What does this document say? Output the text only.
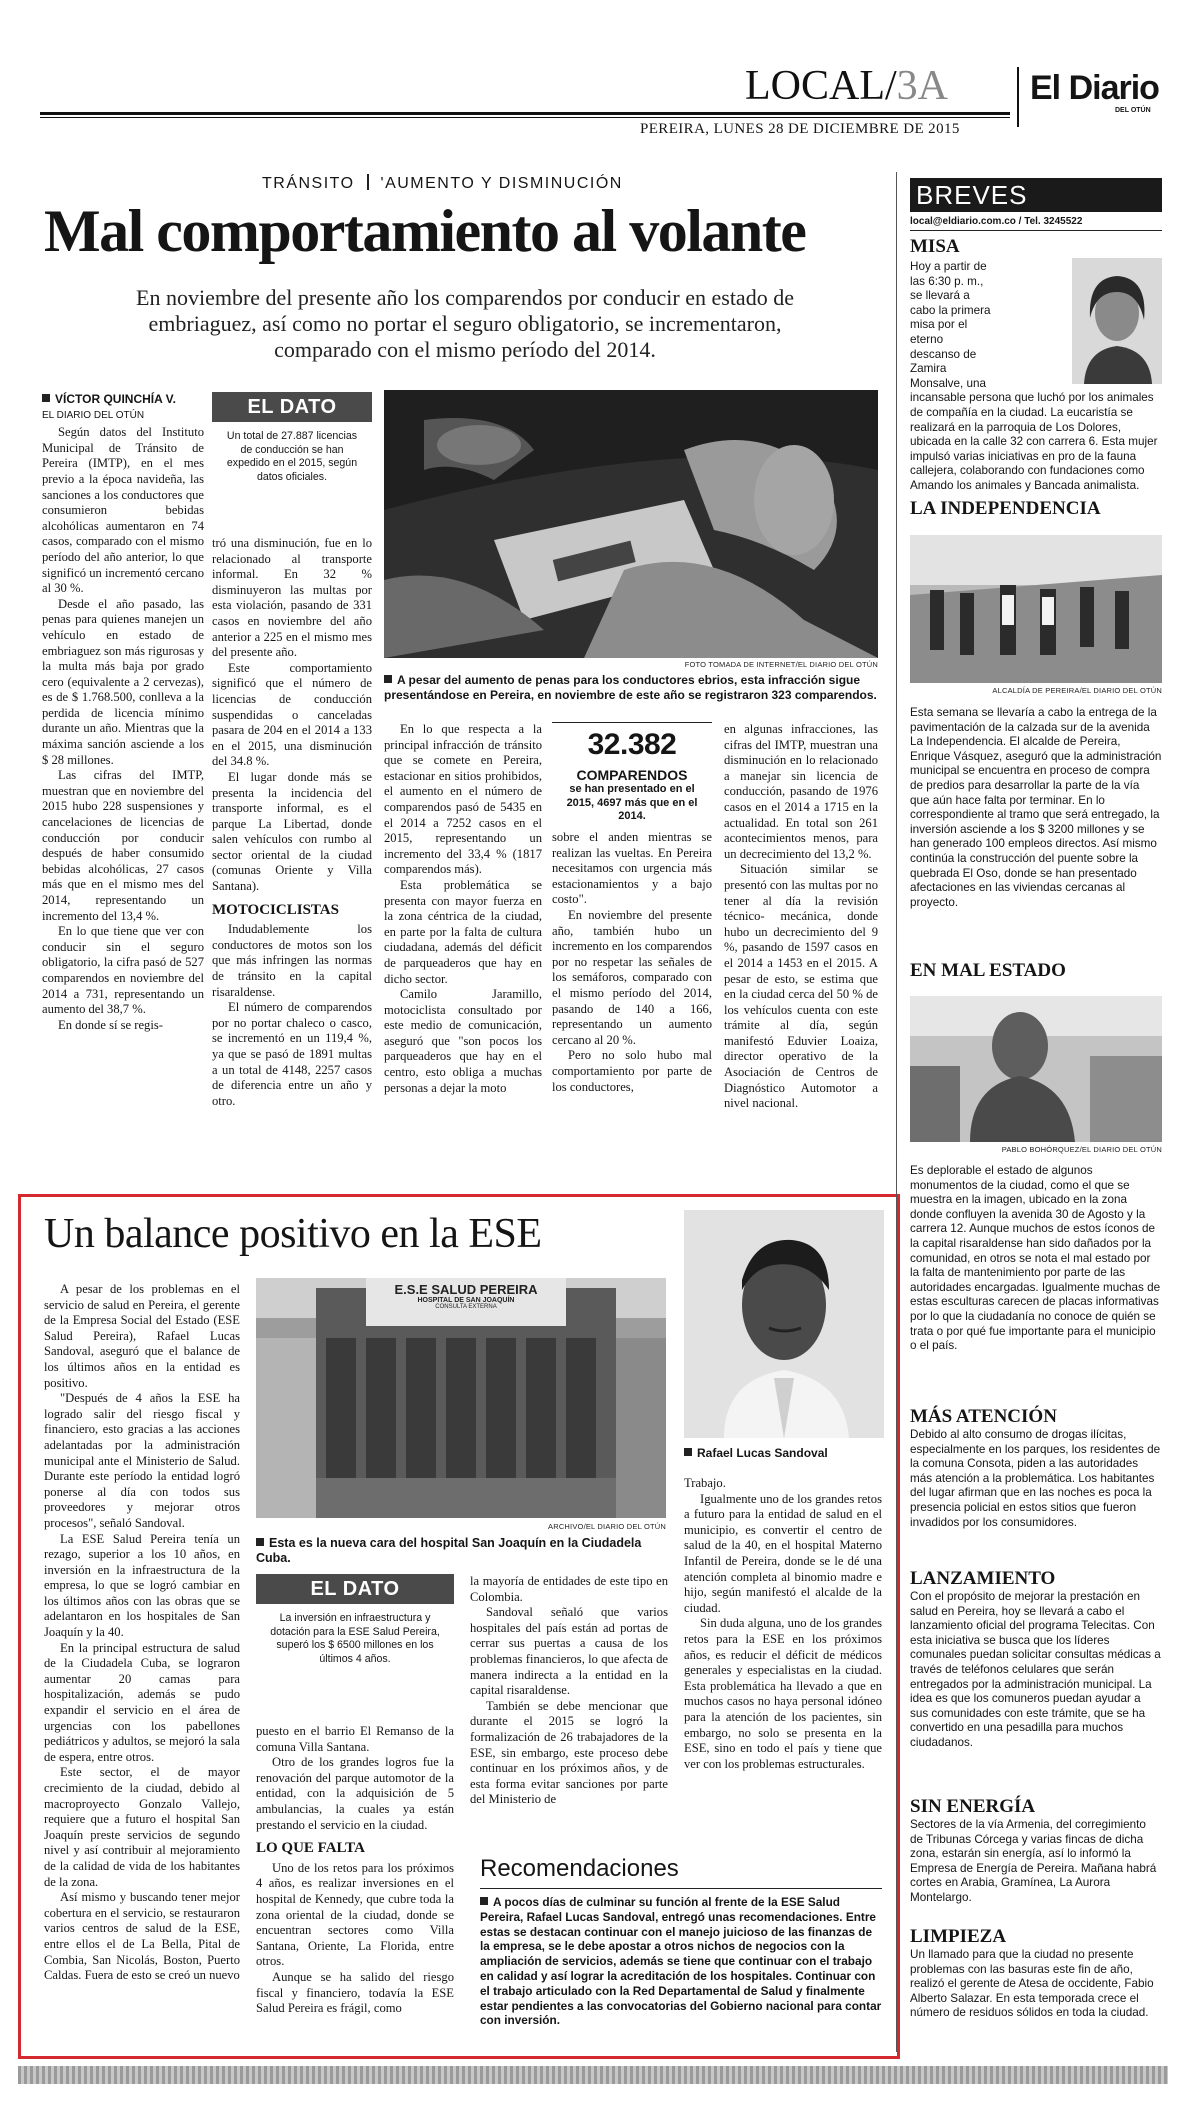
LOCAL/3A El Diario
DEL OTÚN
PEREIRA, LUNES 28 DE DICIEMBRE DE 2015
TRÁNSITO 'AUMENTO Y DISMINUCIÓN
Mal comportamiento al volante

En noviembre del presente año los comparendos por conducir en estado de embriaguez, así como no portar el seguro obligatorio, se incrementaron, comparado con el mismo período del 2014.

VÍCTOR QUINCHÍA V.
EL DIARIO DEL OTÚN

Según datos del Instituto Municipal de Tránsito de Pereira (IMTP), en el mes previo a la época navideña, las sanciones a los conductores que consumieron bebidas alcohólicas aumentaron en 74 casos, comparado con el mismo período del año anterior, lo que significó un incrementó cercano al 30 %.

Desde el año pasado, las penas para quienes manejen un vehículo en estado de embriaguez son más rigurosas y la multa más baja por grado cero (equivalente a 2 cervezas), es de $ 1.768.500, conlleva a la perdida de licencia mínimo durante un año. Mientras que la máxima sanción asciende a los $ 28 millones.

Las cifras del IMTP, muestran que en noviembre del 2015 hubo 228 suspensiones y cancelaciones de licencias de conducción por conducir después de haber consumido bebidas alcohólicas, 27 casos más que en el mismo mes del 2014, representando un incremento del 13,4 %.

En lo que tiene que ver con conducir sin el seguro obligatorio, la cifra pasó de 527 comparendos en noviembre del 2014 a 731, representando un aumento del 38,7 %.

En donde sí se regis-

EL DATO
Un total de 27.887 licencias de conducción se han expedido en el 2015, según datos oficiales.

tró una disminución, fue en lo relacionado al transporte informal. En 32 % disminuyeron las multas por esta violación, pasando de 331 casos en noviembre del año anterior a 225 en el mismo mes del presente año.

Este comportamiento significó que el número de licencias de conducción suspendidas o canceladas pasara de 204 en el 2014 a 133 en el 2015, una disminución del 34.8 %.

El lugar donde más se presenta la incidencia del transporte informal, es el parque La Libertad, donde salen vehículos con rumbo al sector oriental de la ciudad (comunas Oriente y Villa Santana).

MOTOCICLISTAS

Indudablemente los conductores de motos son los que más infringen las normas de tránsito en la capital risaraldense.

El número de comparendos por no portar chaleco o casco, se incrementó en un 119,4 %, ya que se pasó de 1891 multas a un total de 4148, 2257 casos de diferencia entre un año y otro.

FOTO TOMADA DE INTERNET/EL DIARIO DEL OTÚN
A pesar del aumento de penas para los conductores ebrios, esta infracción sigue presentándose en Pereira, en noviembre de este año se registraron 323 comparendos.

En lo que respecta a la principal infracción de tránsito que se comete en Pereira, estacionar en sitios prohibidos, el aumento en el número de comparendos pasó de 5435 en el 2014 a 7252 casos en el 2015, representando un incremento del 33,4 % (1817 comparendos más).

Esta problemática se presenta con mayor fuerza en la zona céntrica de la ciudad, en parte por la falta de cultura ciudadana, además del déficit de parqueaderos que hay en dicho sector.

Camilo Jaramillo, motociclista consultado por este medio de comunicación, aseguró que "son pocos los parqueaderos que hay en el centro, esto obliga a muchas personas a dejar la moto

32.382
COMPARENDOS
se han presentado en el 2015, 4697 más que en el 2014.

sobre el anden mientras se realizan las vueltas. En Pereira necesitamos con urgencia más estacionamientos y a bajo costo".

En noviembre del presente año, también hubo un incremento en los comparendos por no respetar las señales de los semáforos, comparado con el mismo período del 2014, pasando de 140 a 166, representando un aumento cercano al 20 %.

Pero no solo hubo mal comportamiento por parte de los conductores,

en algunas infracciones, las cifras del IMTP, muestran una disminución en lo relacionado a manejar sin licencia de conducción, pasando de 1976 casos en el 2014 a 1715 en la actualidad. En total son 261 acontecimientos menos, para un decrecimiento del 13,2 %.

Situación similar se presentó con las multas por no tener al día la revisión técnico- mecánica, donde hubo un decrecimiento del 9 %, pasando de 1597 casos en el 2014 a 1453 en el 2015. A pesar de esto, se estima que en la ciudad cerca del 50 % de los vehículos cuenta con este trámite al día, según manifestó Eduvier Loaiza, director operativo de la Asociación de Centros de Diagnóstico Automotor a nivel nacional.

Un balance positivo en la ESE

A pesar de los problemas en el servicio de salud en Pereira, el gerente de la Empresa Social del Estado (ESE Salud Pereira), Rafael Lucas Sandoval, aseguró que el balance de los últimos años en la entidad es positivo.

"Después de 4 años la ESE ha logrado salir del riesgo fiscal y financiero, esto gracias a las acciones adelantadas por la administración municipal ante el Ministerio de Salud. Durante este período la entidad logró ponerse al día con todos sus proveedores y mejorar otros procesos", señaló Sandoval.

La ESE Salud Pereira tenía un rezago, superior a los 10 años, en inversión en la infraestructura de la empresa, lo que se logró cambiar en los últimos años con las obras que se adelantaron en los hospitales de San Joaquín y la 40.

En la principal estructura de salud de la Ciudadela Cuba, se lograron aumentar 20 camas para hospitalización, además se pudo expandir el servicio en el área de urgencias con los pabellones pediátricos y adultos, se mejoró la sala de espera, entre otros.

Este sector, el de mayor crecimiento de la ciudad, debido al macroproyecto Gonzalo Vallejo, requiere que a futuro el hospital San Joaquín preste servicios de segundo nivel y así contribuir al mejoramiento de la calidad de vida de los habitantes de la zona.

Así mismo y buscando tener mejor cobertura en el servicio, se restauraron varios centros de salud de la ESE, entre ellos el de La Bella, Pital de Combia, San Nicolás, Boston, Puerto Caldas. Fuera de esto se creó un nuevo

E.S.E SALUD PEREIRA
HOSPITAL DE SAN JOAQUÍN
CONSULTA EXTERNA
ARCHIVO/EL DIARIO DEL OTÚN
Esta es la nueva cara del hospital San Joaquín en la Ciudadela Cuba.
Rafael Lucas Sandoval
EL DATO
La inversión en infraestructura y dotación para la ESE Salud Pereira, superó los $ 6500 millones en los últimos 4 años.

puesto en el barrio El Remanso de la comuna Villa Santana.

Otro de los grandes logros fue la renovación del parque automotor de la entidad, con la adquisición de 5 ambulancias, la cuales ya están prestando el servicio en la ciudad.

LO QUE FALTA

Uno de los retos para los próximos 4 años, es realizar inversiones en el hospital de Kennedy, que cubre toda la zona oriental de la ciudad, donde se encuentran sectores como Villa Santana, Oriente, La Florida, entre otros.

Aunque se ha salido del riesgo fiscal y financiero, todavía la ESE Salud Pereira es frágil, como

la mayoría de entidades de este tipo en Colombia.

Sandoval señaló que varios hospitales del país están ad portas de cerrar sus puertas a causa de los problemas financieros, lo que afecta de manera indirecta a la entidad en la capital risaraldense.

También se debe mencionar que durante el 2015 se logró la formalización de 26 trabajadores de la ESE, sin embargo, este proceso debe continuar en los próximos años, y de esta forma evitar sanciones por parte del Ministerio de

Trabajo.

Igualmente uno de los grandes retos a futuro para la entidad de salud en el municipio, es convertir el centro de salud de la 40, en el hospital Materno Infantil de Pereira, donde se le dé una atención completa al binomio madre e hijo, según manifestó el alcalde de la ciudad.

Sin duda alguna, uno de los grandes retos para la ESE en los próximos años, es reducir el déficit de médicos generales y especialistas en la ciudad. Esta problemática ha llevado a que en muchos casos no haya personal idóneo para la atención de los pacientes, sin embargo, no solo se presenta en la ESE, sino en todo el país y tiene que ver con los problemas estructurales.

Recomendaciones
A pocos días de culminar su función al frente de la ESE Salud Pereira, Rafael Lucas Sandoval, entregó unas recomendaciones. Entre estas se destacan continuar con el manejo juicioso de las finanzas de la empresa, se le debe apostar a otros nichos de negocios con la ampliación de servicios, además se tiene que continuar con el trabajo en calidad y así lograr la acreditación de los hospitales. Continuar con el trabajo articulado con la Red Departamental de Salud y finalmente estar pendientes a las convocatorias del Gobierno nacional para contar con inversión.
BREVES
local@eldiario.com.co / Tel. 3245522
MISA
Hoy a partir de las 6:30 p. m., se llevará a cabo la primera misa por el eterno descanso de Zamira Monsalve, una incansable persona que luchó por los animales de compañía en la ciudad. La eucaristía se realizará en la parroquia de Los Dolores, ubicada en la calle 32 con carrera 6. Esta mujer impulsó varias iniciativas en pro de la fauna callejera, colaborando con fundaciones como Amando los animales y Bancada animalista.
LA INDEPENDENCIA
ALCALDÍA DE PEREIRA/EL DIARIO DEL OTÚN
Esta semana se llevaría a cabo la entrega de la pavimentación de la calzada sur de la avenida La Independencia. El alcalde de Pereira, Enrique Vásquez, aseguró que la administración municipal se encuentra en proceso de compra de predios para desarrollar la parte de la vía que aún hace falta por terminar. En lo correspondiente al tramo que será entregado, la inversión asciende a los $ 3200 millones y se han generado 100 empleos directos. Así mismo continúa la construcción del puente sobre la quebrada El Oso, donde se han presentado afectaciones en las viviendas cercanas al proyecto.
EN MAL ESTADO
PABLO BOHÓRQUEZ/EL DIARIO DEL OTÚN
Es deplorable el estado de algunos monumentos de la ciudad, como el que se muestra en la imagen, ubicado en la zona donde confluyen la avenida 30 de Agosto y la carrera 12. Aunque muchos de estos íconos de la capital risaraldense han sido dañados por la comunidad, en otros se nota el mal estado por la falta de mantenimiento por parte de las autoridades encargadas. Igualmente muchas de estas esculturas carecen de placas informativas por lo que la ciudadanía no conoce de quién se trata o por qué fue importante para el municipio o el país.
MÁS ATENCIÓN
Debido al alto consumo de drogas ilícitas, especialmente en los parques, los residentes de la comuna Consota, piden a las autoridades más atención a la problemática. Los habitantes del lugar afirman que en las noches es poca la presencia policial en estos sitios que fueron invadidos por los consumidores.
LANZAMIENTO
Con el propósito de mejorar la prestación en salud en Pereira, hoy se llevará a cabo el lanzamiento oficial del programa Telecitas. Con esta iniciativa se busca que los líderes comunales puedan solicitar consultas médicas a través de teléfonos celulares que serán entregados por la administración municipal. La idea es que los comuneros puedan ayudar a sus comunidades con este trámite, que se ha convertido en una pesadilla para muchos ciudadanos.
SIN ENERGÍA
Sectores de la vía Armenia, del corregimiento de Tribunas Córcega y varias fincas de dicha zona, estarán sin energía, así lo informó la Empresa de Energía de Pereira. Mañana habrá cortes en Arabia, Gramínea, La Aurora Montelargo.
LIMPIEZA
Un llamado para que la ciudad no presente problemas con las basuras este fin de año, realizó el gerente de Atesa de occidente, Fabio Alberto Salazar. En esta temporada crece el número de residuos sólidos en toda la ciudad.
